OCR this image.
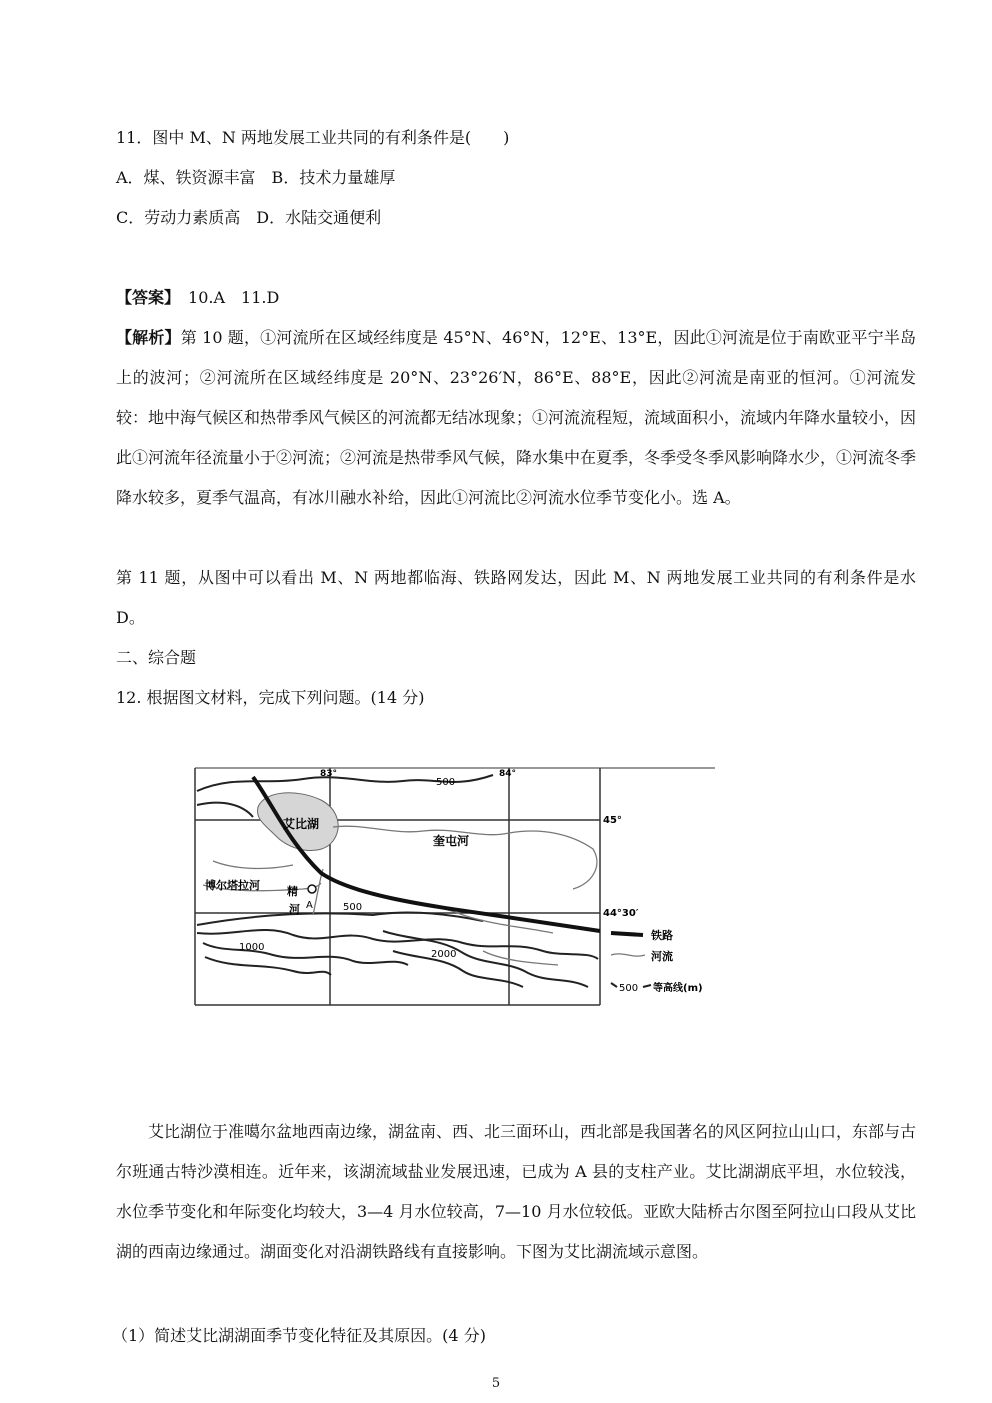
11．图中 M、N 两地发展工业共同的有利条件是(　　)
A．煤、铁资源丰富　B．技术力量雄厚
C．劳动力素质高　D．水陆交通便利
【答案】　10.A　11.D
【解析】第 10 题，①河流所在区域经纬度是 45°N、46°N，12°E、13°E，因此①河流是位于南欧亚平宁半岛上的波河；②河流所在区域经纬度是 20°N、23°26′N，86°E、88°E，因此②河流是南亚的恒河。①河流发较：地中海气候区和热带季风气候区的河流都无结冰现象；①河流流程短，流域面积小，流域内年降水量较小，因此①河流年径流量小于②河流；②河流是热带季风气候，降水集中在夏季，冬季受冬季风影响降水少，①河流冬季降水较多，夏季气温高，有冰川融水补给，因此①河流比②河流水位季节变化小。选 A。
第 11 题，从图中可以看出 M、N 两地都临海、铁路网发达，因此 M、N 两地发展工业共同的有利条件是水 D。
二、综合题
12. 根据图文材料，完成下列问题。(14 分)
83°	84°
45°
44°30′
艾比湖
奎屯河
博尔塔拉河 精
河 A
500
500
1000
2000
铁路
河流
500 等高线(m)
艾比湖位于准噶尔盆地西南边缘，湖盆南、西、北三面环山，西北部是我国著名的风区阿拉山山口，东部与古尔班通古特沙漠相连。近年来，该湖流域盐业发展迅速，已成为 A 县的支柱产业。艾比湖湖底平坦，水位较浅，水位季节变化和年际变化均较大，3—4 月水位较高，7—10 月水位较低。亚欧大陆桥古尔图至阿拉山口段从艾比湖的西南边缘通过。湖面变化对沿湖铁路线有直接影响。下图为艾比湖流域示意图。
（1）简述艾比湖湖面季节变化特征及其原因。(4 分)
5
